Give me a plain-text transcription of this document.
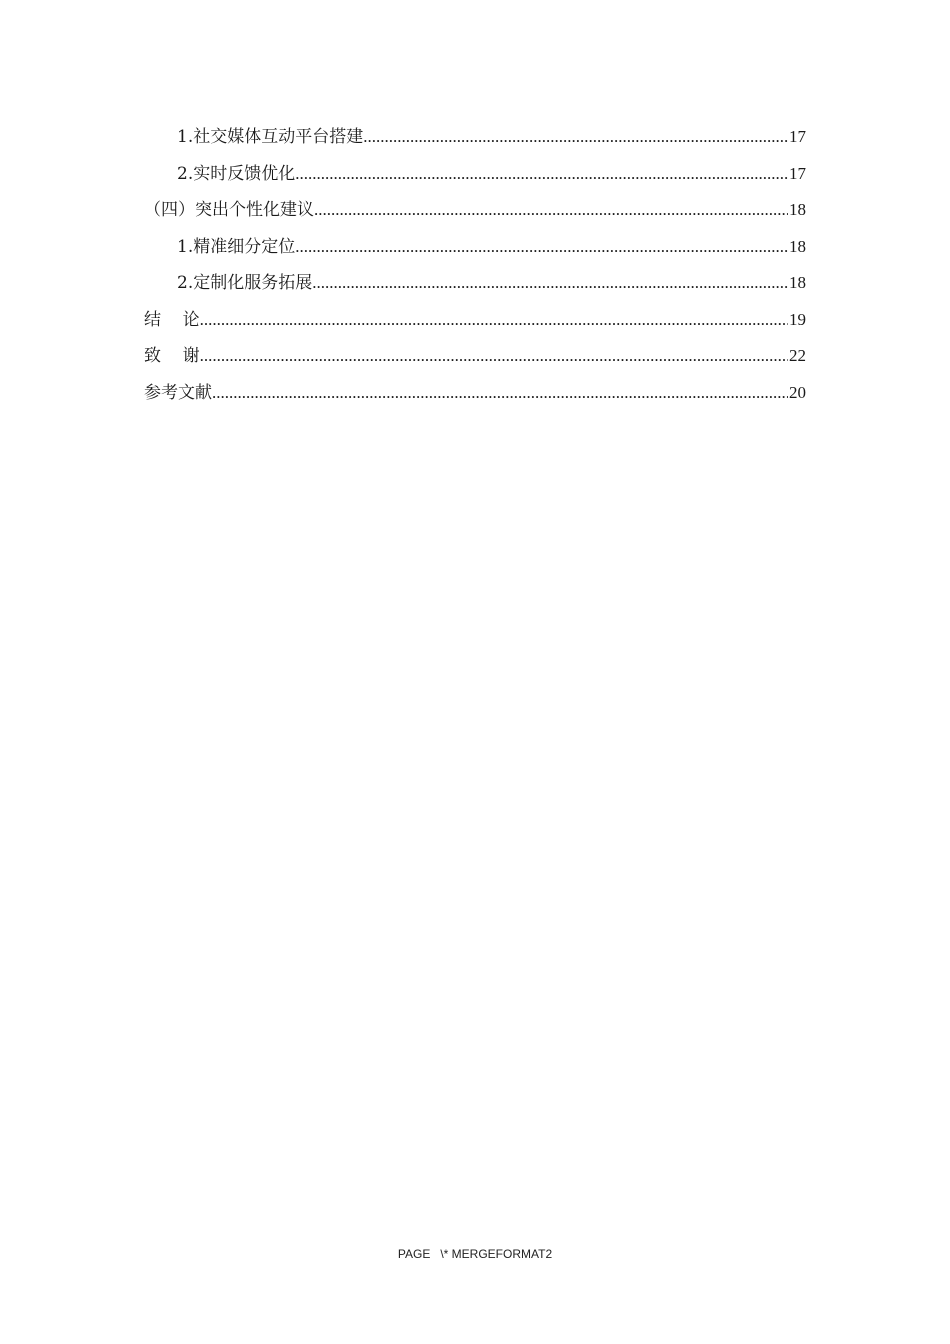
1.社交媒体互动平台搭建 .....	17
2.实时反馈优化 .....	17
（四）突出个性化建议 .....	18
1.精准细分定位 .....	18
2.定制化服务拓展 .....	18
结    论 .....	19
致    谢 .....	22
参考文献 .....	20
PAGE   \* MERGEFORMAT2
